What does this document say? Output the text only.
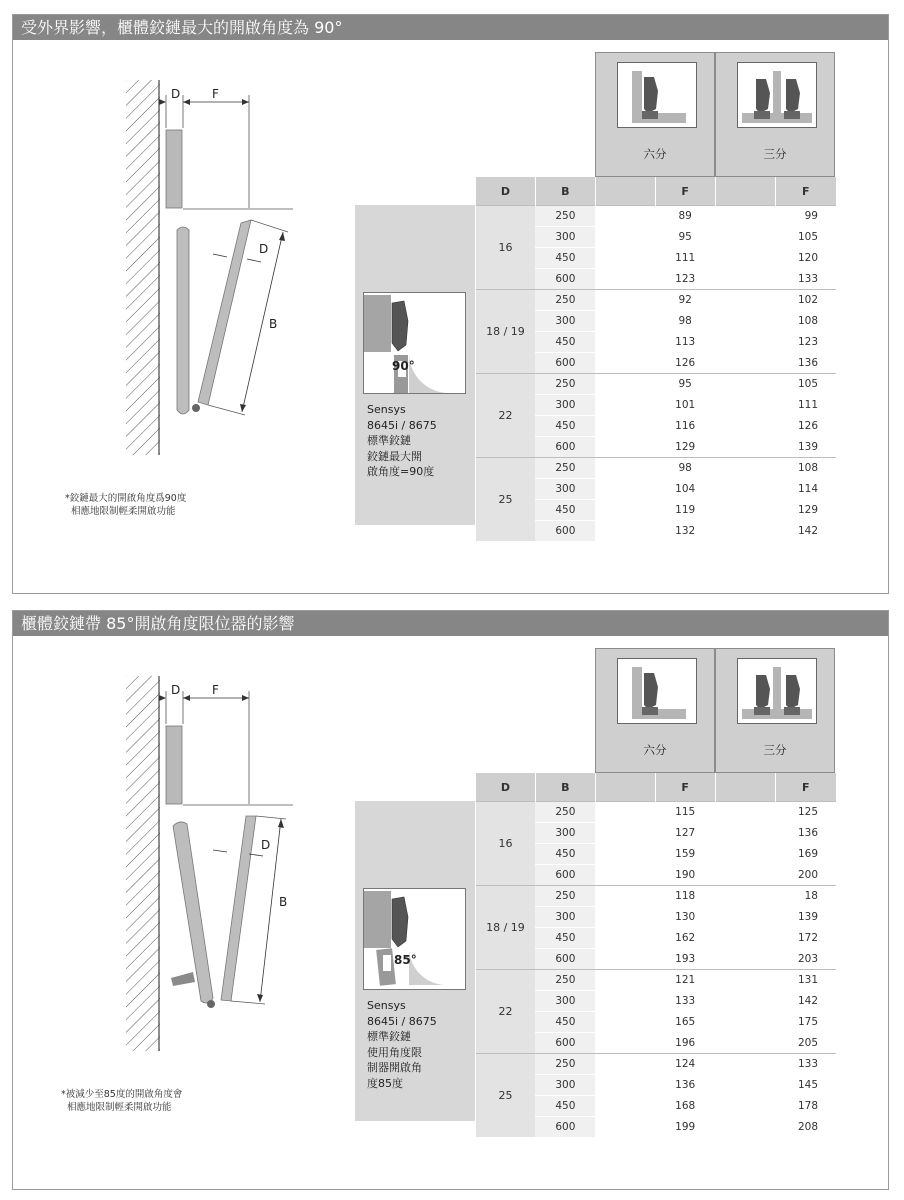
受外界影響，櫃體鉸鏈最大的開啟角度為 90°
D	F
D
B
*鉸鏈最大的開啟角度爲90度
相應地限制輕柔開啟功能
六分	三分
90°
Sensys
8645i / 8675
標準鉸鏈
鉸鏈最大開
啟角度=90度
D	B		F		F
16	250		89		99
	300		95		105
	450		111		120
	600		123		133
18 / 19	250		92		102
	300		98		108
	450		113		123
	600		126		136
22	250		95		105
	300		101		111
	450		116		126
	600		129		139
25	250		98		108
	300		104		114
	450		119		129
	600		132		142
櫃體鉸鏈帶 85°開啟角度限位器的影響
D	F
D
B
*被減少至85度的開啟角度會
相應地限制輕柔開啟功能
六分	三分
85°
Sensys
8645i / 8675
標準鉸鏈
使用角度限
制器開啟角
度85度
D	B		F		F
16	250		115		125
	300		127		136
	450		159		169
	600		190		200
18 / 19	250		118		18
	300		130		139
	450		162		172
	600		193		203
22	250		121		131
	300		133		142
	450		165		175
	600		196		205
25	250		124		133
	300		136		145
	450		168		178
	600		199		208
